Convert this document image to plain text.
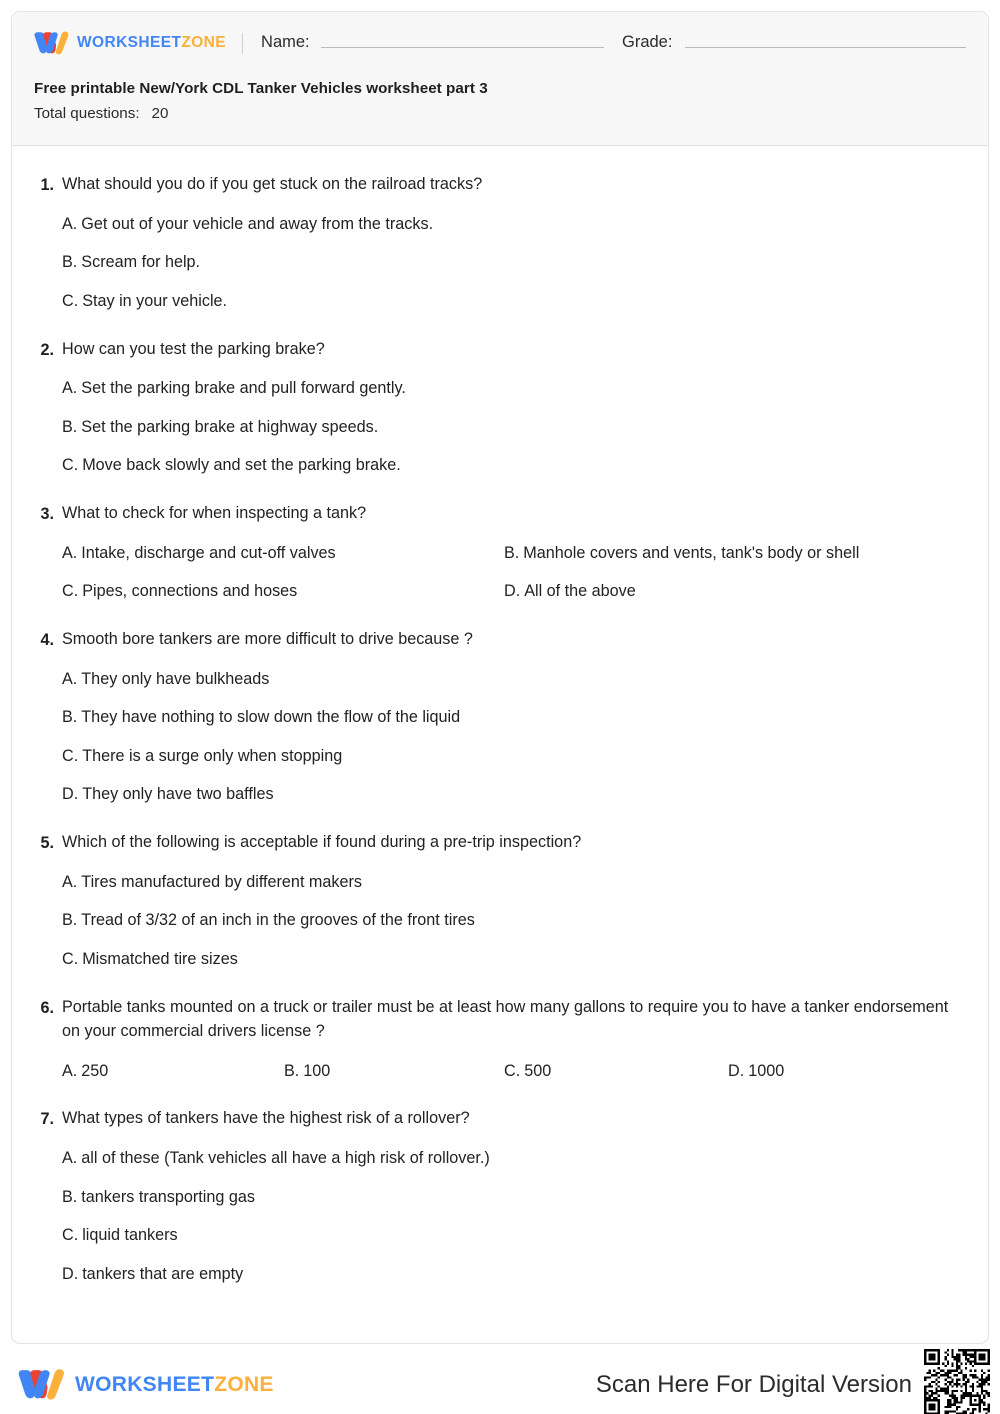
WORKSHEETZONE Name:	Grade:
Free printable New/York CDL Tanker Vehicles worksheet part 3
Total questions: 20
1. What should you do if you get stuck on the railroad tracks?
A. Get out of your vehicle and away from the tracks.
B. Scream for help.
C. Stay in your vehicle.
2. How can you test the parking brake?
A. Set the parking brake and pull forward gently.
B. Set the parking brake at highway speeds.
C. Move back slowly and set the parking brake.
3. What to check for when inspecting a tank?
A. Intake, discharge and cut-off valves	B. Manhole covers and vents, tank's body or shell
C. Pipes, connections and hoses	D. All of the above
4. Smooth bore tankers are more difficult to drive because ?
A. They only have bulkheads
B. They have nothing to slow down the flow of the liquid
C. There is a surge only when stopping
D. They only have two baffles
5. Which of the following is acceptable if found during a pre-trip inspection?
A. Tires manufactured by different makers
B. Tread of 3/32 of an inch in the grooves of the front tires
C. Mismatched tire sizes
6. Portable tanks mounted on a truck or trailer must be at least how many gallons to require you to have a tanker endorsement on your commercial drivers license ?
A. 250	B. 100	C. 500	D. 1000
7. What types of tankers have the highest risk of a rollover?
A. all of these (Tank vehicles all have a high risk of rollover.)
B. tankers transporting gas
C. liquid tankers
D. tankers that are empty
WORKSHEETZONE	Scan Here For Digital Version
